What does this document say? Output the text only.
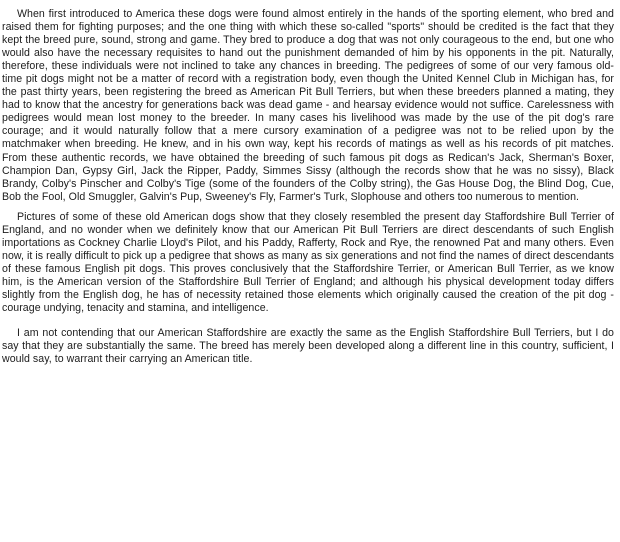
When first introduced to America these dogs were found almost entirely in the hands of the sporting element, who bred and raised them for fighting purposes; and the one thing with which these so-called "sports" should be credited is the fact that they kept the breed pure, sound, strong and game. They bred to produce a dog that was not only courageous to the end, but one who would also have the necessary requisites to hand out the punishment demanded of him by his opponents in the pit. Naturally, therefore, these individuals were not inclined to take any chances in breeding. The pedigrees of some of our very famous old-time pit dogs might not be a matter of record with a registration body, even though the United Kennel Club in Michigan has, for the past thirty years, been registering the breed as American Pit Bull Terriers, but when these breeders planned a mating, they had to know that the ancestry for generations back was dead game - and hearsay evidence would not suffice. Carelessness with pedigrees would mean lost money to the breeder. In many cases his livelihood was made by the use of the pit dog's rare courage; and it would naturally follow that a mere cursory examination of a pedigree was not to be relied upon by the matchmaker when breeding. He knew, and in his own way, kept his records of matings as well as his records of pit matches. From these authentic records, we have obtained the breeding of such famous pit dogs as Redican's Jack, Sherman's Boxer, Champion Dan, Gypsy Girl, Jack the Ripper, Paddy, Simmes Sissy (although the records show that he was no sissy), Black Brandy, Colby's Pinscher and Colby's Tige (some of the founders of the Colby string), the Gas House Dog, the Blind Dog, Cue, Bob the Fool, Old Smuggler, Galvin's Pup, Sweeney's Fly, Farmer's Turk, Slophouse and others too numerous to mention.

Pictures of some of these old American dogs show that they closely resembled the present day Staffordshire Bull Terrier of England, and no wonder when we definitely know that our American Pit Bull Terriers are direct descendants of such English importations as Cockney Charlie Lloyd's Pilot, and his Paddy, Rafferty, Rock and Rye, the renowned Pat and many others. Even now, it is really difficult to pick up a pedigree that shows as many as six generations and not find the names of direct descendants of these famous English pit dogs. This proves conclusively that the Staffordshire Terrier, or American Bull Terrier, as we know him, is the American version of the Staffordshire Bull Terrier of England; and although his physical development today differs slightly from the English dog, he has of necessity retained those elements which originally caused the creation of the pit dog - courage undying, tenacity and stamina, and intelligence.

I am not contending that our American Staffordshire are exactly the same as the English Staffordshire Bull Terriers, but I do say that they are substantially the same. The breed has merely been developed along a different line in this country, sufficient, I would say, to warrant their carrying an American title.
